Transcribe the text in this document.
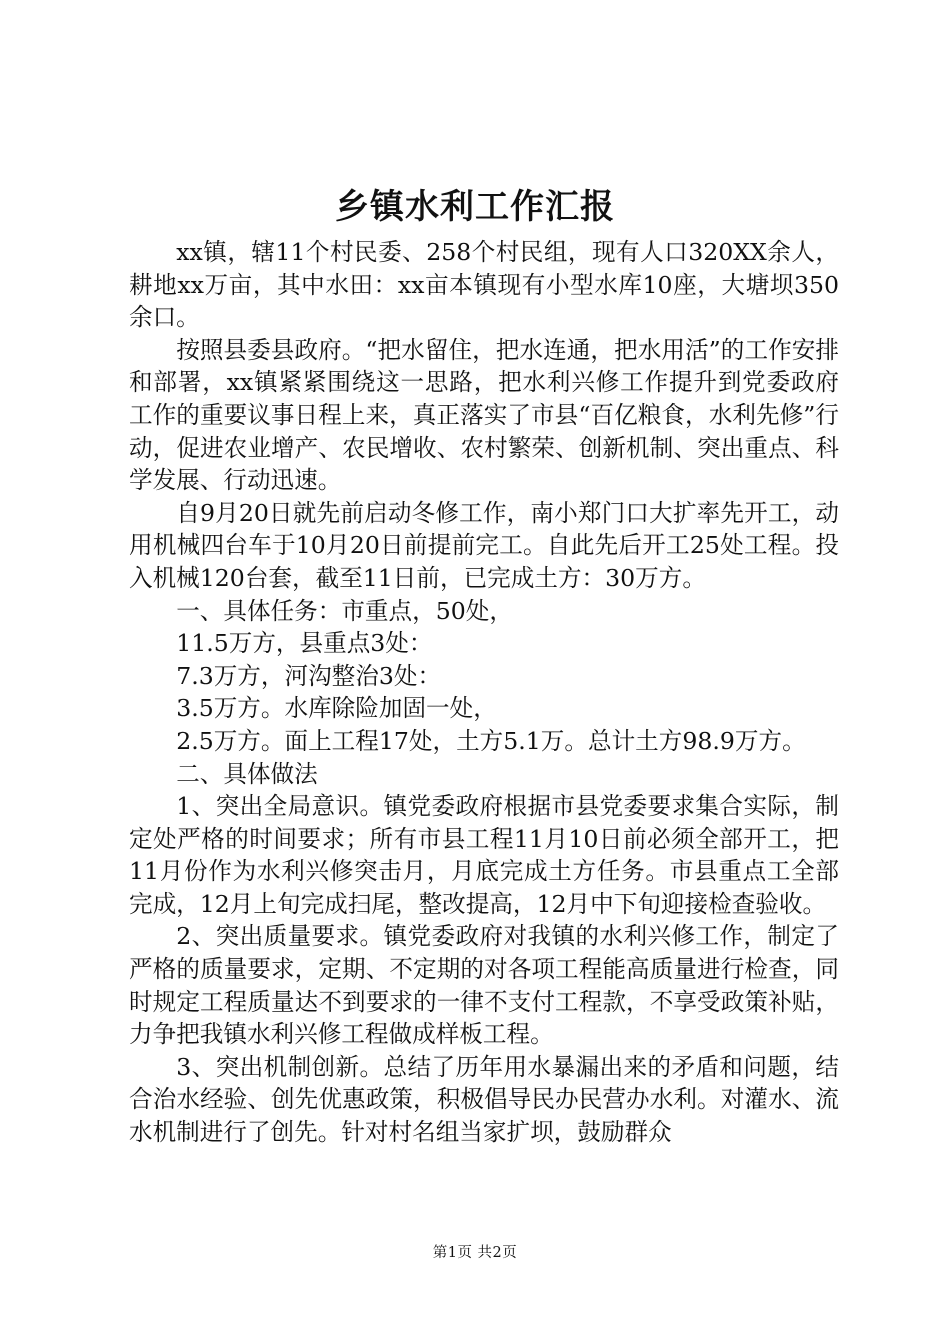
乡镇水利工作汇报

xx镇，辖11个村民委、258个村民组，现有人口320XX余人，耕地xx万亩，其中水田：xx亩本镇现有小型水库10座，大塘坝350余口。

按照县委县政府。“把水留住，把水连通，把水用活”的工作安排和部署，xx镇紧紧围绕这一思路，把水利兴修工作提升到党委政府工作的重要议事日程上来，真正落实了市县“百亿粮食，水利先修”行动，促进农业增产、农民增收、农村繁荣、创新机制、突出重点、科学发展、行动迅速。

自9月20日就先前启动冬修工作，南小郑门口大扩率先开工，动用机械四台车于10月20日前提前完工。自此先后开工25处工程。投入机械120台套，截至11日前，已完成土方：30万方。

一、具体任务：市重点，50处，

11.5万方，县重点3处：

7.3万方，河沟整治3处：

3.5万方。水库除险加固一处，

2.5万方。面上工程17处，土方5.1万。总计土方98.9万方。

二、具体做法

1、突出全局意识。镇党委政府根据市县党委要求集合实际，制定处严格的时间要求；所有市县工程11月10日前必须全部开工，把11月份作为水利兴修突击月，月底完成土方任务。市县重点工全部完成，12月上旬完成扫尾，整改提高，12月中下旬迎接检查验收。

2、突出质量要求。镇党委政府对我镇的水利兴修工作，制定了严格的质量要求，定期、不定期的对各项工程能高质量进行检查，同时规定工程质量达不到要求的一律不支付工程款，不享受政策补贴，力争把我镇水利兴修工程做成样板工程。

3、突出机制创新。总结了历年用水暴漏出来的矛盾和问题，结合治水经验、创先优惠政策，积极倡导民办民营办水利。对灌水、流水机制进行了创先。针对村名组当家扩坝，鼓励群众

第1页 共2页
